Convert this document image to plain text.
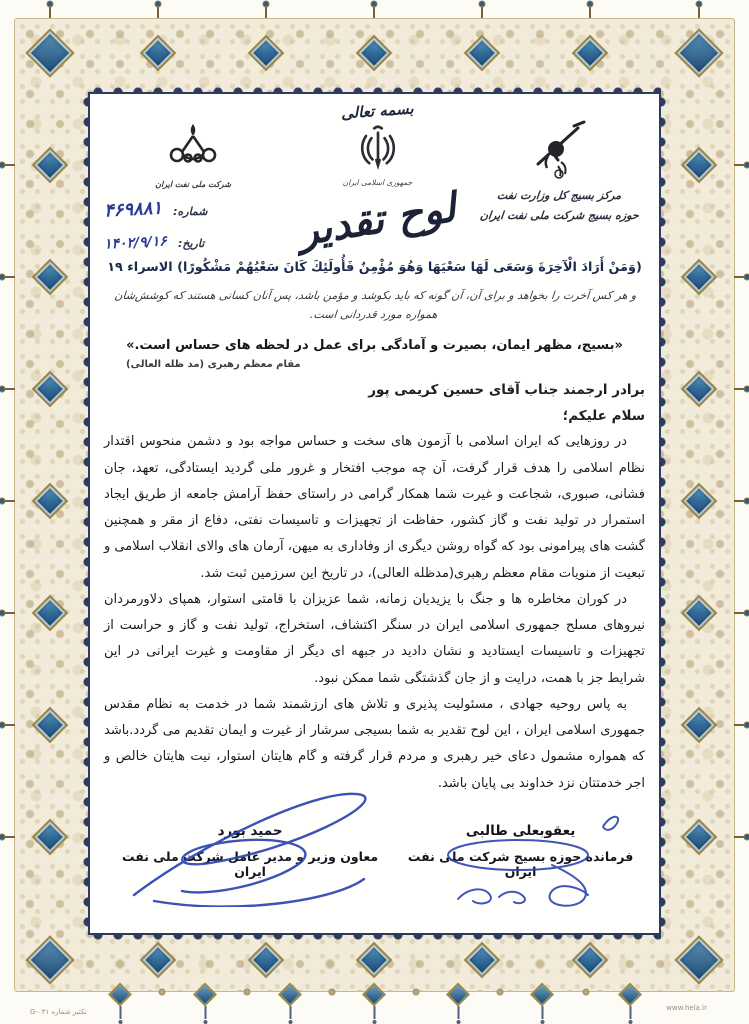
مرکز بسیج کل وزارت نفت
حوزه بسیج شرکت ملی نفت ایران
بسمه تعالی
جمهوری اسلامی ایران
لوح تقدیر
شرکت ملی نفت ایران
شماره: ۴۶۹۸۸۱
تاریخ: ۱۴۰۲/۹/۱۶
(وَمَنْ أَرَادَ الْآخِرَةَ وَسَعَى لَهَا سَعْيَهَا وَهُوَ مُؤْمِنٌ فَأُولَئِكَ كَانَ سَعْيُهُمْ مَشْكُورًا) الاسراء ۱۹
و هر کس آخرت را بخواهد و برای آن، آن گونه که باید بکوشد و مؤمن باشد، پس آنان کسانی هستند که کوشش‌شان همواره مورد قدردانی است.
«بسیج، مظهر ایمان، بصیرت و آمادگی برای عمل در لحظه های حساس است.»
مقام معظم رهبری (مد ظله العالی)
برادر ارجمند جناب آقای حسین کریمی پور
سلام علیکم؛

در روزهایی که ایران اسلامی با آزمون های سخت و حساس مواجه بود و دشمن منحوس اقتدار نظام اسلامی را هدف قرار گرفت، آن چه موجب افتخار و غرور ملی گردید ایستادگی، تعهد، جان فشانی، صبوری، شجاعت و غیرت شما همکار گرامی در راستای حفظ آرامش جامعه از طریق ایجاد استمرار در تولید نفت و گاز کشور، حفاظت از تجهیزات و تاسیسات نفتی، دفاع از مقر و همچنین گشت های پیرامونی بود که گواه روشن دیگری از وفاداری به میهن، آرمان های والای انقلاب اسلامی و تبعیت از منویات مقام معظم رهبری(مدظله العالی)، در تاریخ این سرزمین ثبت شد.

در کوران مخاطره ها و جنگ با یزیدیان زمانه، شما عزیزان با قامتی استوار، همپای دلاورمردان نیروهای مسلح جمهوری اسلامی ایران در سنگر اکتشاف، استخراج، تولید نفت و گاز و حراست از تجهیزات و تاسیسات ایستادید و نشان دادید در جبهه ای دیگر از مقاومت و غیرت ایرانی در این شرایط جز با همت، درایت و از جان گذشتگی شما ممکن نبود.

به پاس روحیه جهادی ، مسئولیت پذیری و تلاش های ارزشمند شما در خدمت به نظام مقدس جمهوری اسلامی ایران ، این لوح تقدیر به شما بسیجی سرشار از غیرت و ایمان تقدیم می گردد.باشد که همواره مشمول دعای خیر رهبری و مردم قرار گرفته و گام هایتان استوار، نیت هایتان خالص و اجر خدمتتان نزد خداوند بی پایان باشد.

یعقوبعلی طالبی
فرمانده حوزه بسیج شرکت ملی نفت ایران
حمید بورد
معاون وزیر و مدیر عامل شرکت ملی نفت ایران
تکثیر شماره ۰۴۱-G	www.hela.ir
